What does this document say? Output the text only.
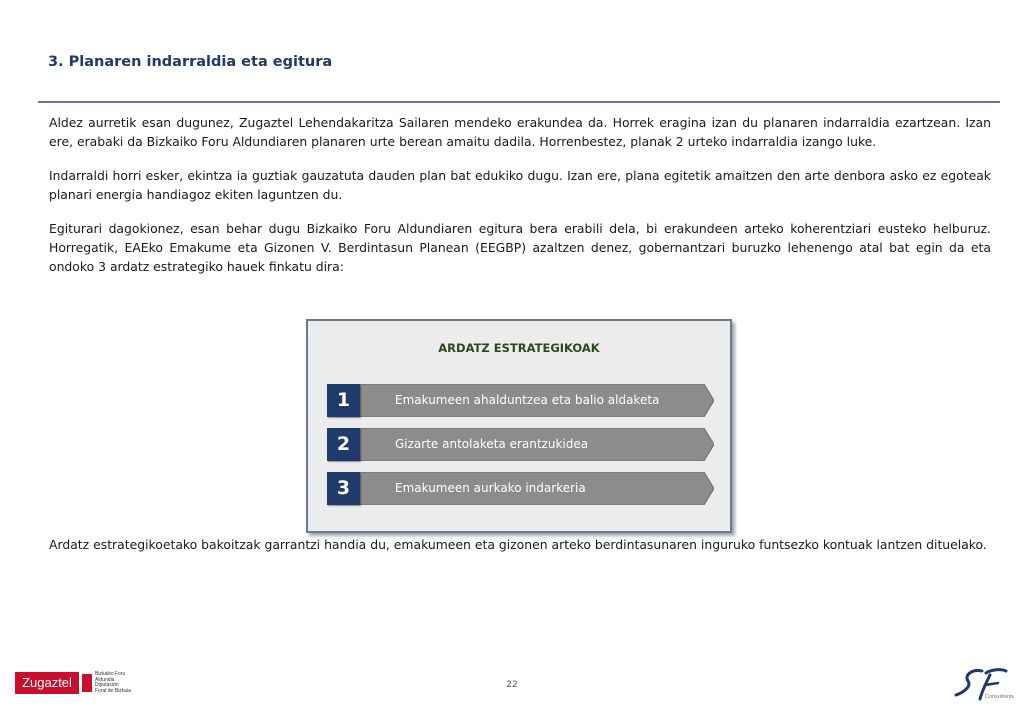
3. Planaren indarraldia eta egitura

Aldez aurretik esan dugunez, Zugaztel Lehendakaritza Sailaren mendeko erakundea da. Horrek eragina izan du planaren indarraldia ezartzean. Izan ere, erabaki da Bizkaiko Foru Aldundiaren planaren urte berean amaitu dadila. Horrenbestez, planak 2 urteko indarraldia izango luke.

Indarraldi horri esker, ekintza ia guztiak gauzatuta dauden plan bat edukiko dugu. Izan ere, plana egitetik amaitzen den arte denbora asko ez egoteak planari energia handiagoz ekiten laguntzen du.

Egiturari dagokionez, esan behar dugu Bizkaiko Foru Aldundiaren egitura bera erabili dela, bi erakundeen arteko koherentziari eusteko helburuz. Horregatik, EAEko Emakume eta Gizonen V. Berdintasun Planean (EEGBP) azaltzen denez, gobernantzari buruzko lehenengo atal bat egin da eta ondoko 3 ardatz estrategiko hauek finkatu dira:

ARDATZ ESTRATEGIKOAK
1	Emakumeen ahalduntzea eta balio aldaketa
2	Gizarte antolaketa erantzukidea
3	Emakumeen aurkako indarkeria

Ardatz estrategikoetako bakoitzak garrantzi handia du, emakumeen eta gizonen arteko berdintasunaren inguruko funtsezko kontuak lantzen dituelako.

Zugaztel
Bizkaiko Foru
Aldundia
Diputación
Foral de Bizkaia
22
Consultants
